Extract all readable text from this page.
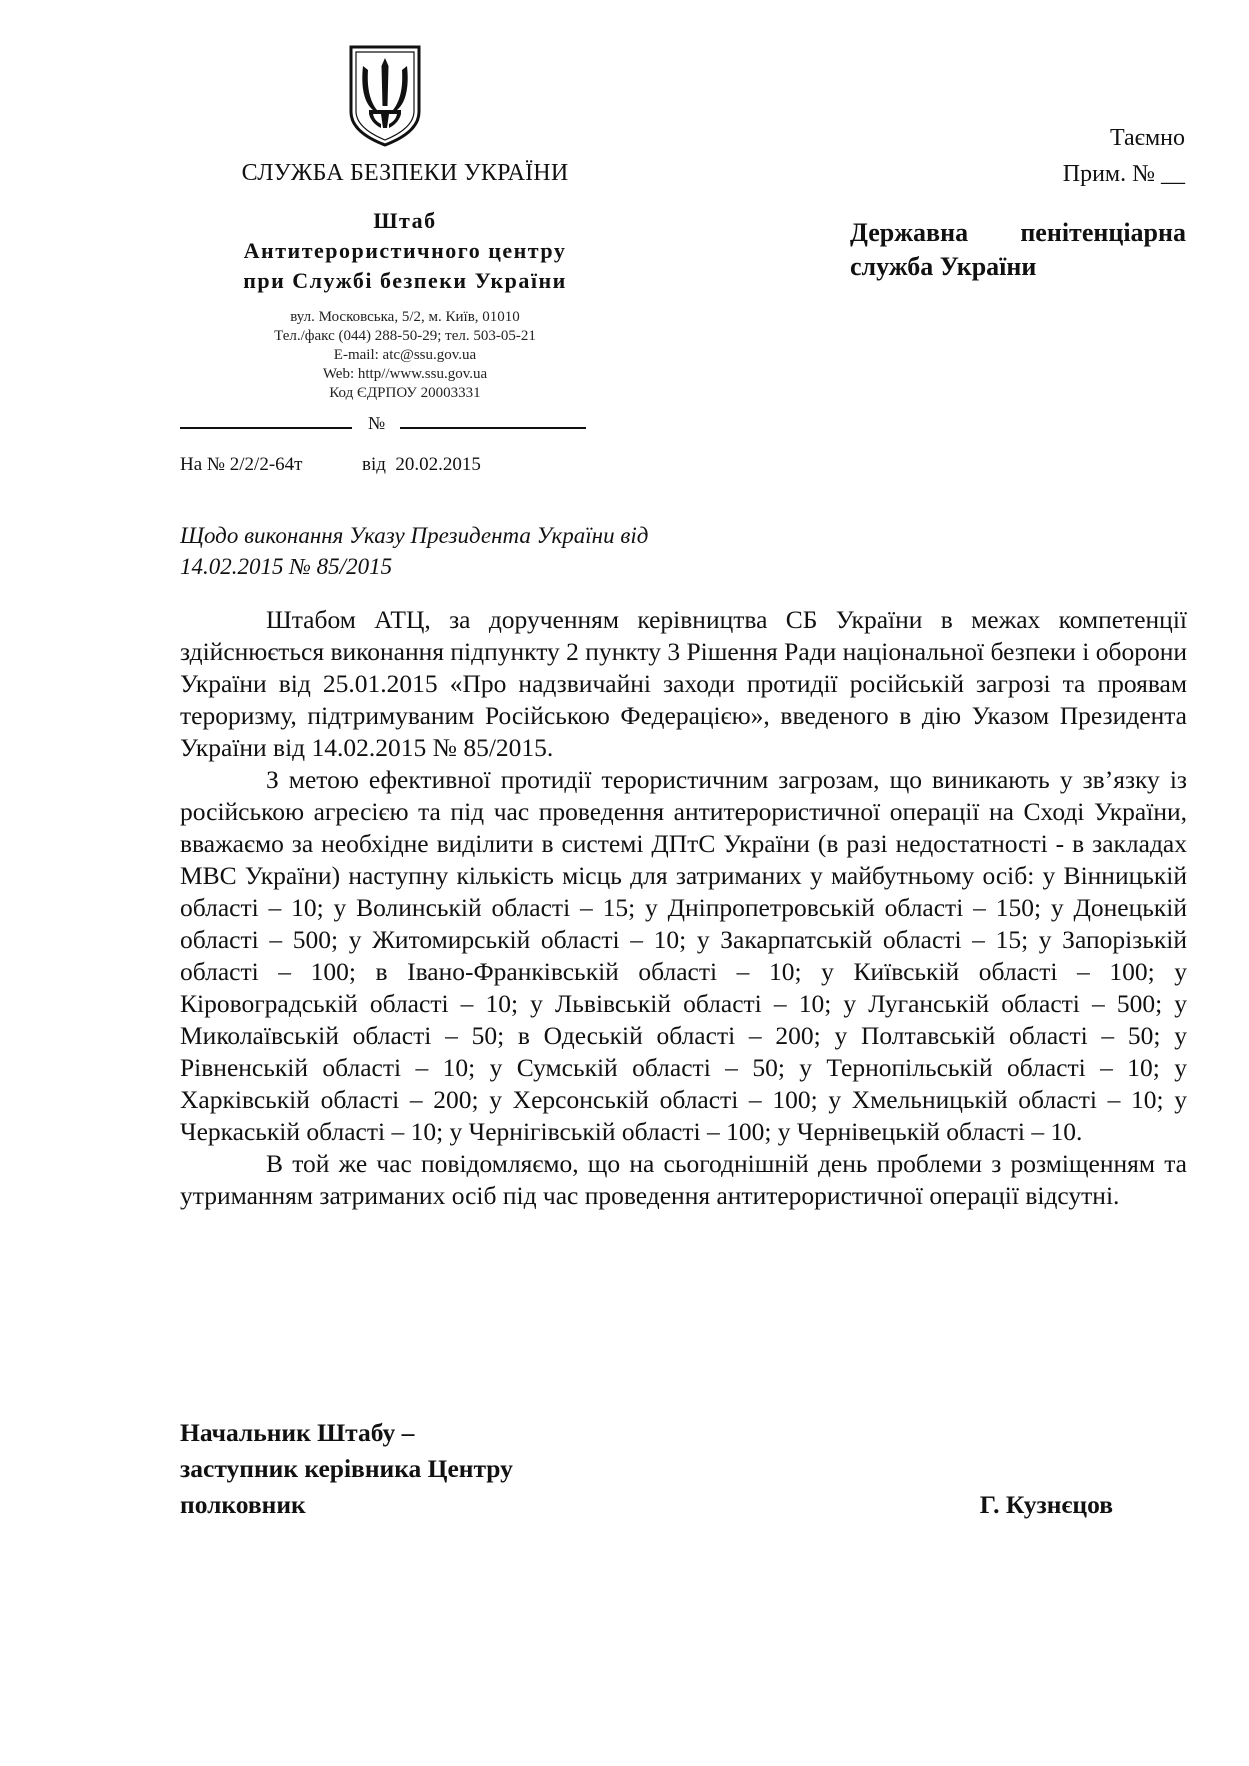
СЛУЖБА БЕЗПЕКИ УКРАЇНИ
Штаб
Антитерористичного центру
при Службі безпеки України
вул. Московська, 5/2, м. Київ, 01010
Тел./факс (044) 288-50-29; тел. 503-05-21
E-mail: atc@ssu.gov.ua
Web: http//www.ssu.gov.ua
Код ЄДРПОУ 20003331
№
На № 2/2/2-64т	від  20.02.2015
Таємно
Прим. № __
Державна пенітенціарна служба України
Щодо виконання Указу Президента України від 14.02.2015 № 85/2015

Штабом АТЦ, за дорученням керівництва СБ України в межах компетенції здійснюється виконання підпункту 2 пункту 3 Рішення Ради національної безпеки і оборони України від 25.01.2015 «Про надзвичайні заходи протидії російській загрозі та проявам тероризму, підтримуваним Російською Федерацією», введеного в дію Указом Президента України від 14.02.2015 № 85/2015.

З метою ефективної протидії терористичним загрозам, що виникають у зв’язку із російською агресією та під час проведення антитерористичної операції на Сході України, вважаємо за необхідне виділити в системі ДПтС України (в разі недостатності - в закладах МВС України) наступну кількість місць для затриманих у майбутньому осіб: у Вінницькій області – 10; у Волинській області – 15; у Дніпропетровській області – 150; у Донецькій області – 500; у Житомирській області – 10; у Закарпатській області – 15; у Запорізькій області – 100; в Івано-Франківській області – 10; у Київській області – 100; у Кіровоградській області – 10; у Львівській області – 10; у Луганській області – 500; у Миколаївській області – 50; в Одеській області – 200; у Полтавській області – 50; у Рівненській області – 10; у Сумській області – 50; у Тернопільській області – 10; у Харківській області – 200; у Херсонській області – 100; у Хмельницькій області – 10; у Черкаській області – 10; у Чернігівській області – 100; у Чернівецькій області – 10.

В той же час повідомляємо, що на сьогоднішній день проблеми з розміщенням та утриманням затриманих осіб під час проведення антитерористичної операції відсутні.

Начальник Штабу –
заступник керівника Центру
полковник	Г. Кузнєцов
